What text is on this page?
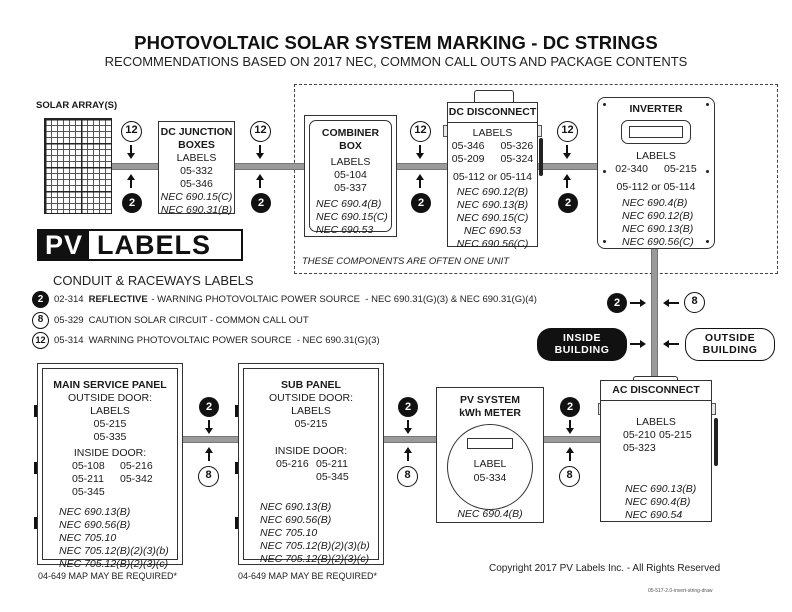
PHOTOVOLTAIC SOLAR SYSTEM MARKING - DC STRINGS
RECOMMENDATIONS BASED ON 2017 NEC, COMMON CALL OUTS AND PACKAGE CONTENTS
THESE COMPONENTS ARE OFTEN ONE UNIT
SOLAR ARRAY(S)
12
2
DC JUNCTION
BOXES
LABELS
05-332
05-346
NEC 690.15(C)
NEC 690.31(B)
12
2
COMBINER
BOX
LABELS
05-104
05-337
NEC 690.4(B)
NEC 690.15(C)
NEC 690.53
12
2
DC DISCONNECT
LABELS
05-346 05-326
05-209 05-324
05-112 or 05-114
NEC 690.12(B)
NEC 690.13(B)
NEC 690.15(C)
NEC 690.53
NEC 690.56(C)
12
2
INVERTER
LABELS
02-340 05-215
05-112 or 05-114
NEC 690.4(B)
NEC 690.12(B)
NEC 690.13(B)
NEC 690.56(C)
PV LABELS
CONDUIT & RACEWAYS LABELS
2	02-314 REFLECTIVE - WARNING PHOTOVOLTAIC POWER SOURCE  - NEC 690.31(G)(3) & NEC 690.31(G)(4)
8	05-329 CAUTION SOLAR CIRCUIT - COMMON CALL OUT
12 05-314 WARNING PHOTOVOLTAIC POWER SOURCE  - NEC 690.31(G)(3)
2	8
INSIDE
BUILDING
OUTSIDE
BUILDING
MAIN SERVICE PANEL
OUTSIDE DOOR:
LABELS
05-215
05-335
INSIDE DOOR:
05-108	05-216
05-211	05-342
05-345
NEC 690.13(B)
NEC 690.56(B)
NEC 705.10
NEC 705.12(B)(2)(3)(b)
NEC 705.12(B)(2)(3)(c)
04-649 MAP MAY BE REQUIRED*
2
8
SUB PANEL
OUTSIDE DOOR:
LABELS
05-215
INSIDE DOOR:
05-216 05-211
05-345
NEC 690.13(B)
NEC 690.56(B)
NEC 705.10
NEC 705.12(B)(2)(3)(b)
NEC 705.12(B)(2)(3)(c)
04-649 MAP MAY BE REQUIRED*
2
8
PV SYSTEM
kWh METER
LABEL
05-334
NEC 690.4(B)
2
8
AC DISCONNECT
LABELS
05-210 05-215
05-323
NEC 690.13(B)
NEC 690.4(B)
NEC 690.54
Copyright 2017 PV Labels Inc. - All Rights Reserved
05-517-2.0-invert-string-draw
